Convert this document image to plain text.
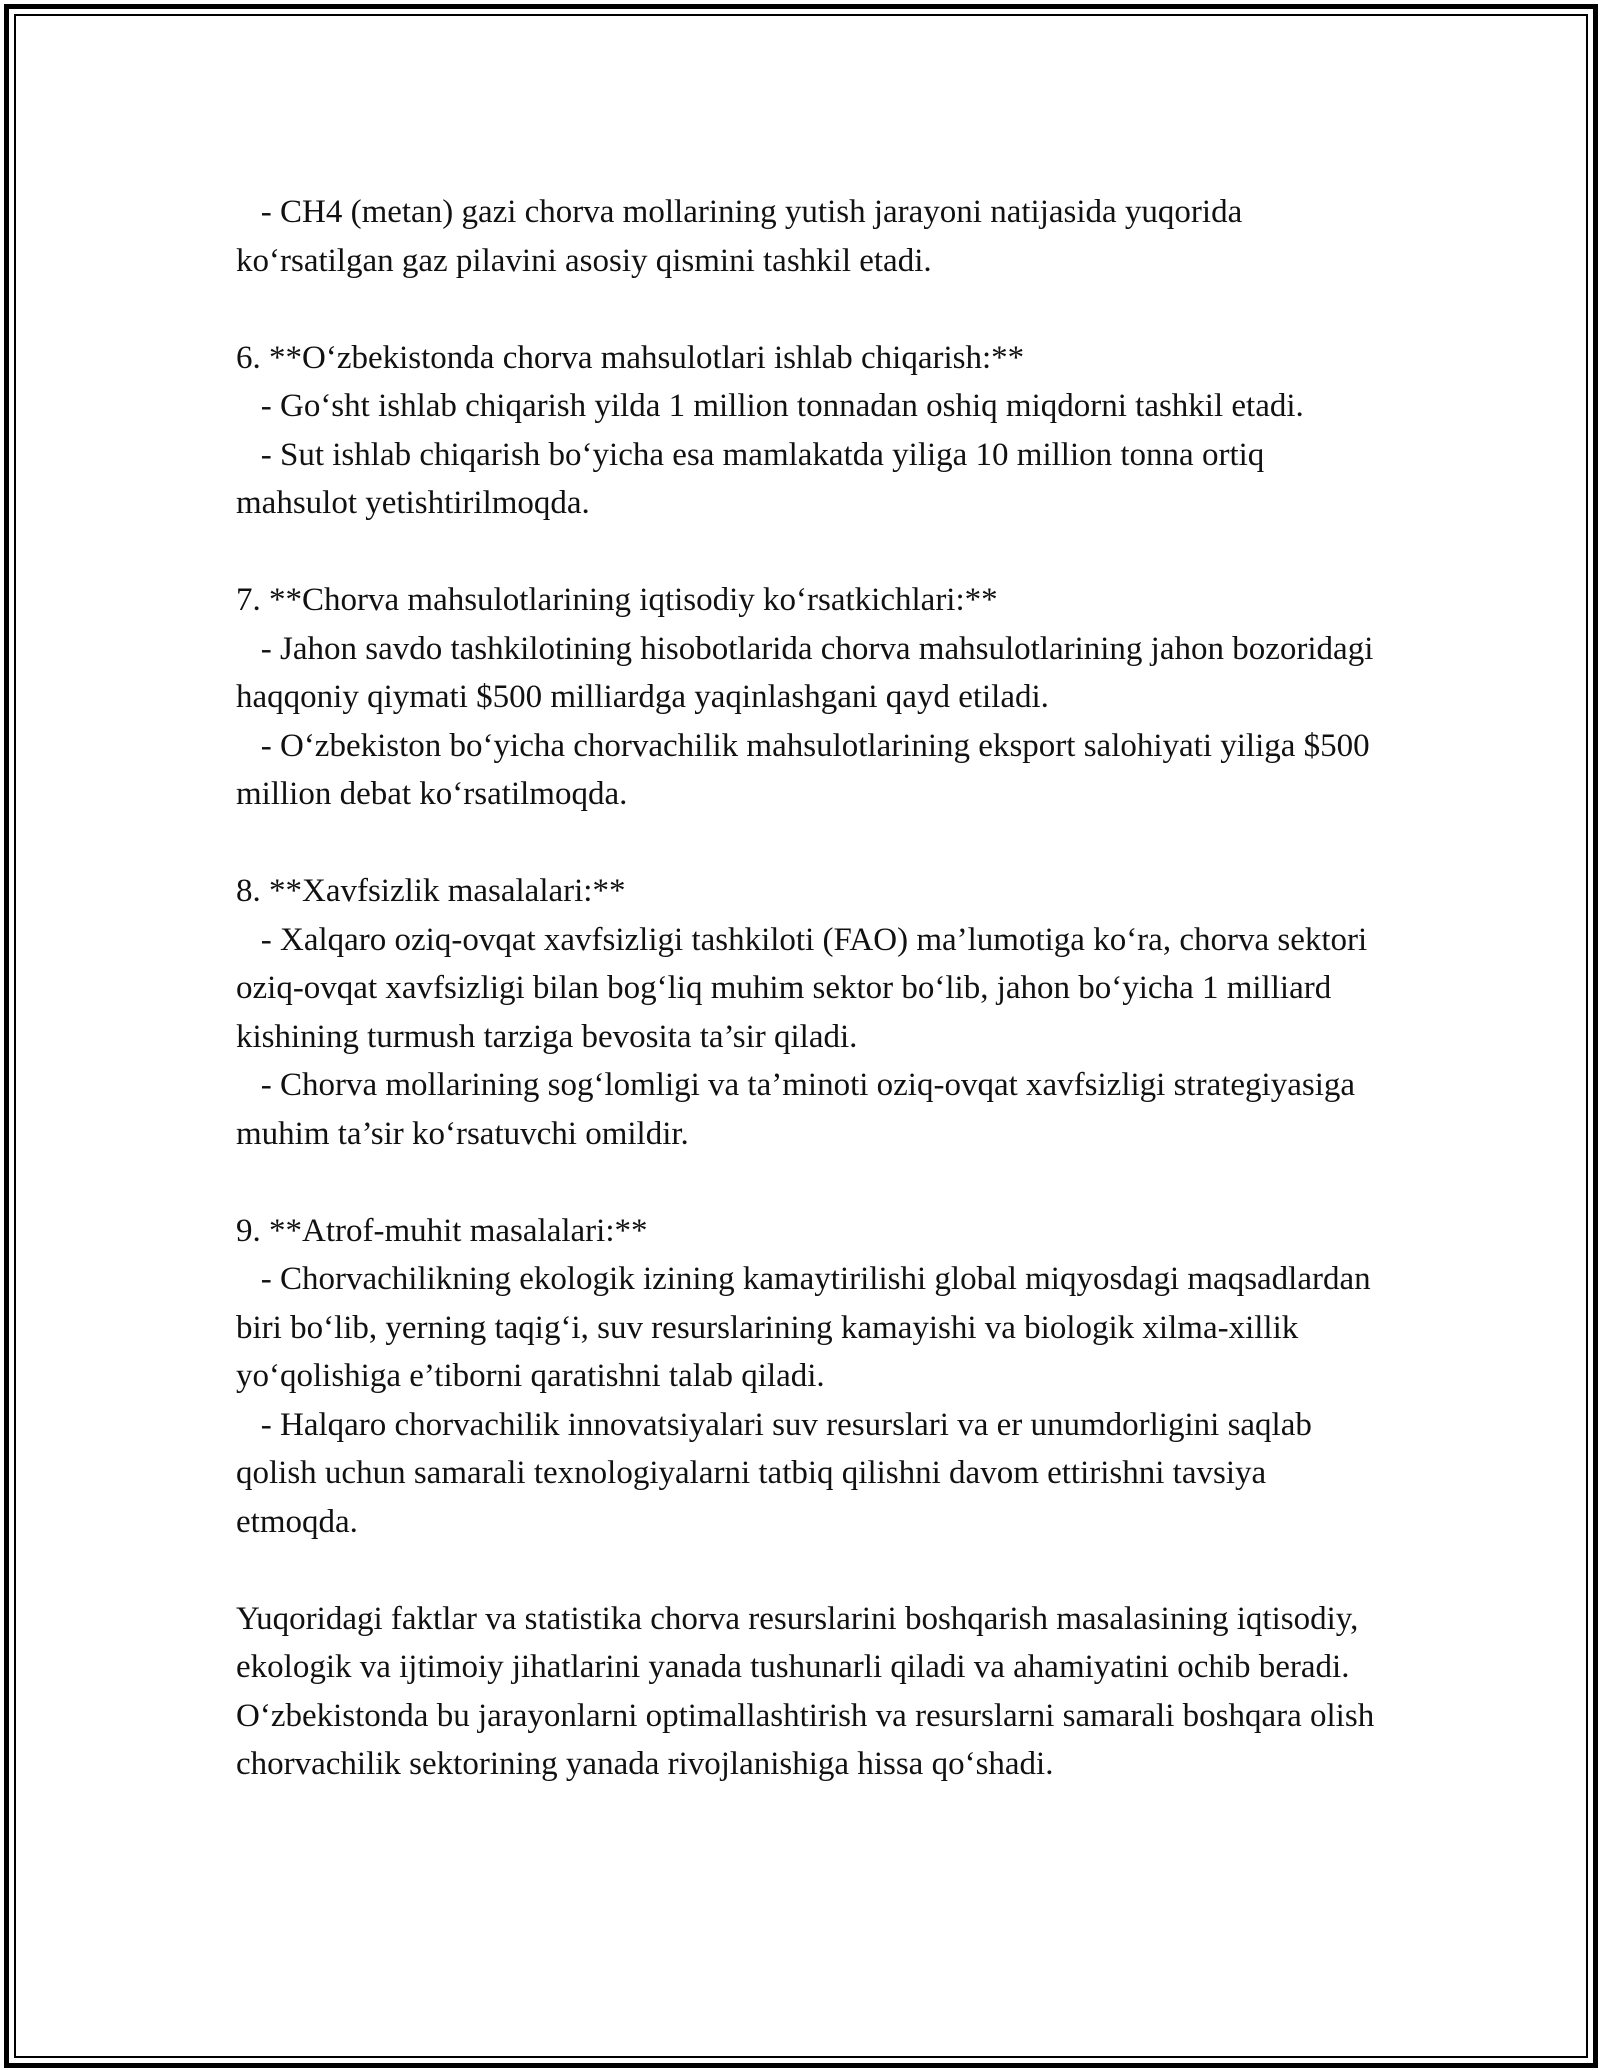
- CH4 (metan) gazi chorva mollarining yutish jarayoni natijasida yuqorida ko‘rsatilgan gaz pilavini asosiy qismini tashkil etadi.

6. **O‘zbekistonda chorva mahsulotlari ishlab chiqarish:**

- Go‘sht ishlab chiqarish yilda 1 million tonnadan oshiq miqdorni tashkil etadi.

- Sut ishlab chiqarish bo‘yicha esa mamlakatda yiliga 10 million tonna ortiq mahsulot yetishtirilmoqda.

7. **Chorva mahsulotlarining iqtisodiy ko‘rsatkichlari:**

- Jahon savdo tashkilotining hisobotlarida chorva mahsulotlarining jahon bozoridagi haqqoniy qiymati $500 milliardga yaqinlashgani qayd etiladi.

- O‘zbekiston bo‘yicha chorvachilik mahsulotlarining eksport salohiyati yiliga $500 million debat ko‘rsatilmoqda.

8. **Xavfsizlik masalalari:**

- Xalqaro oziq-ovqat xavfsizligi tashkiloti (FAO) ma’lumotiga ko‘ra, chorva sektori oziq-ovqat xavfsizligi bilan bog‘liq muhim sektor bo‘lib, jahon bo‘yicha 1 milliard kishining turmush tarziga bevosita ta’sir qiladi.

- Chorva mollarining sog‘lomligi va ta’minoti oziq-ovqat xavfsizligi strategiyasiga muhim ta’sir ko‘rsatuvchi omildir.

9. **Atrof-muhit masalalari:**

- Chorvachilikning ekologik izining kamaytirilishi global miqyosdagi maqsadlardan biri bo‘lib, yerning taqig‘i, suv resurslarining kamayishi va biologik xilma-xillik yo‘qolishiga e’tiborni qaratishni talab qiladi.

- Halqaro chorvachilik innovatsiyalari suv resurslari va er unumdorligini saqlab qolish uchun samarali texnologiyalarni tatbiq qilishni davom ettirishni tavsiya etmoqda.

Yuqoridagi faktlar va statistika chorva resurslarini boshqarish masalasining iqtisodiy, ekologik va ijtimoiy jihatlarini yanada tushunarli qiladi va ahamiyatini ochib beradi. O‘zbekistonda bu jarayonlarni optimallashtirish va resurslarni samarali boshqara olish chorvachilik sektorining yanada rivojlanishiga hissa qo‘shadi.
